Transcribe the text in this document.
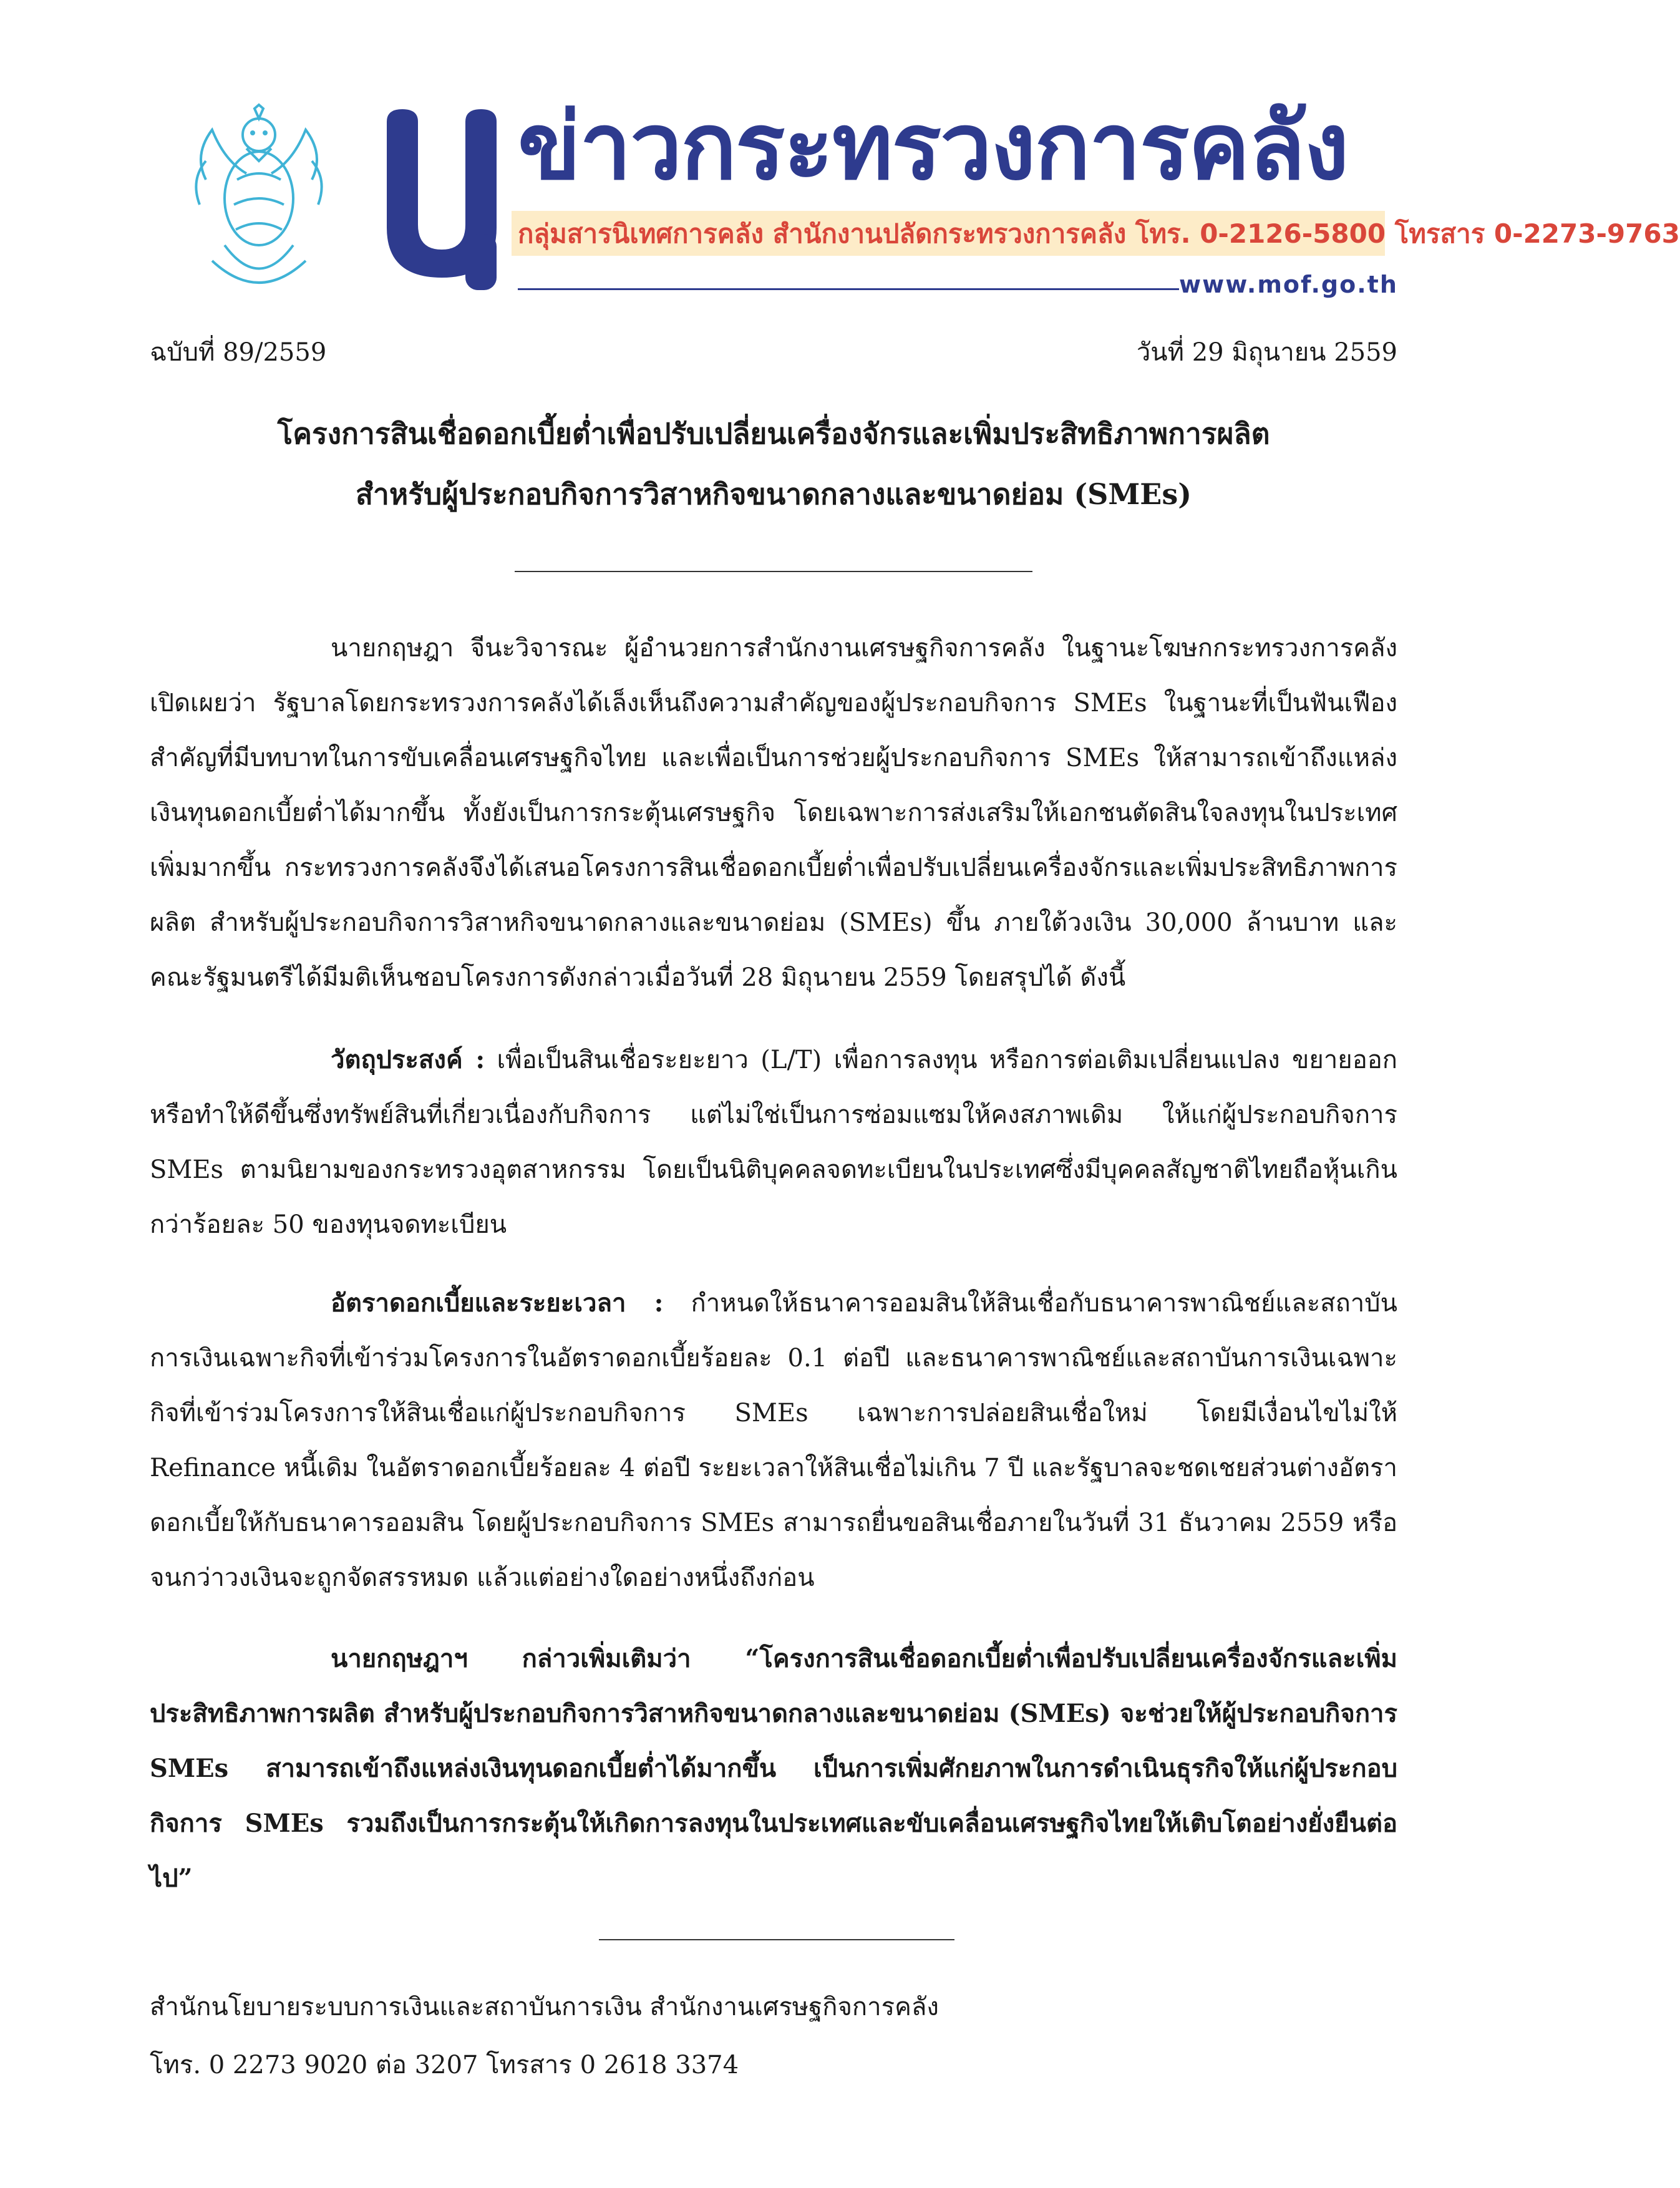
ข่าวกระทรวงการคลัง
กลุ่มสารนิเทศการคลัง สำนักงานปลัดกระทรวงการคลัง โทร. 0-2126-5800 โทรสาร 0-2273-9763
www.mof.go.th
ฉบับที่ 89/2559	วันที่ 29 มิถุนายน 2559
โครงการสินเชื่อดอกเบี้ยต่ำเพื่อปรับเปลี่ยนเครื่องจักรและเพิ่มประสิทธิภาพการผลิต
สำหรับผู้ประกอบกิจการวิสาหกิจขนาดกลางและขนาดย่อม (SMEs)

นายกฤษฎา จีนะวิจารณะ ผู้อำนวยการสำนักงานเศรษฐกิจการคลัง ในฐานะโฆษกกระทรวงการคลัง เปิดเผยว่า รัฐบาลโดยกระทรวงการคลังได้เล็งเห็นถึงความสำคัญของผู้ประกอบกิจการ SMEs ในฐานะที่เป็นฟันเฟืองสำคัญที่มีบทบาทในการขับเคลื่อนเศรษฐกิจไทย และเพื่อเป็นการช่วยผู้ประกอบกิจการ SMEs ให้สามารถเข้าถึงแหล่งเงินทุนดอกเบี้ยต่ำได้มากขึ้น ทั้งยังเป็นการกระตุ้นเศรษฐกิจ โดยเฉพาะการส่งเสริมให้เอกชนตัดสินใจลงทุนในประเทศเพิ่มมากขึ้น กระทรวงการคลังจึงได้เสนอโครงการสินเชื่อดอกเบี้ยต่ำเพื่อปรับเปลี่ยนเครื่องจักรและเพิ่มประสิทธิภาพการผลิต สำหรับผู้ประกอบกิจการวิสาหกิจขนาดกลางและขนาดย่อม (SMEs) ขึ้น ภายใต้วงเงิน 30,000 ล้านบาท และคณะรัฐมนตรีได้มีมติเห็นชอบโครงการดังกล่าวเมื่อวันที่ 28 มิถุนายน 2559 โดยสรุปได้ ดังนี้

วัตถุประสงค์ : เพื่อเป็นสินเชื่อระยะยาว (L/T) เพื่อการลงทุน หรือการต่อเติมเปลี่ยนแปลง ขยายออก หรือทำให้ดีขึ้นซึ่งทรัพย์สินที่เกี่ยวเนื่องกับกิจการ แต่ไม่ใช่เป็นการซ่อมแซมให้คงสภาพเดิม ให้แก่ผู้ประกอบกิจการ SMEs ตามนิยามของกระทรวงอุตสาหกรรม โดยเป็นนิติบุคคลจดทะเบียนในประเทศซึ่งมีบุคคลสัญชาติไทยถือหุ้นเกินกว่าร้อยละ 50 ของทุนจดทะเบียน

อัตราดอกเบี้ยและระยะเวลา : กำหนดให้ธนาคารออมสินให้สินเชื่อกับธนาคารพาณิชย์และสถาบันการเงินเฉพาะกิจที่เข้าร่วมโครงการในอัตราดอกเบี้ยร้อยละ 0.1 ต่อปี และธนาคารพาณิชย์และสถาบันการเงินเฉพาะกิจที่เข้าร่วมโครงการให้สินเชื่อแก่ผู้ประกอบกิจการ SMEs เฉพาะการปล่อยสินเชื่อใหม่ โดยมีเงื่อนไขไม่ให้ Refinance หนี้เดิม ในอัตราดอกเบี้ยร้อยละ 4 ต่อปี ระยะเวลาให้สินเชื่อไม่เกิน 7 ปี และรัฐบาลจะชดเชยส่วนต่างอัตราดอกเบี้ยให้กับธนาคารออมสิน โดยผู้ประกอบกิจการ SMEs สามารถยื่นขอสินเชื่อภายในวันที่ 31 ธันวาคม 2559 หรือจนกว่าวงเงินจะถูกจัดสรรหมด แล้วแต่อย่างใดอย่างหนึ่งถึงก่อน

นายกฤษฎาฯ กล่าวเพิ่มเติมว่า “โครงการสินเชื่อดอกเบี้ยต่ำเพื่อปรับเปลี่ยนเครื่องจักรและเพิ่มประสิทธิภาพการผลิต สำหรับผู้ประกอบกิจการวิสาหกิจขนาดกลางและขนาดย่อม (SMEs) จะช่วยให้ผู้ประกอบกิจการ SMEs สามารถเข้าถึงแหล่งเงินทุนดอกเบี้ยต่ำได้มากขึ้น เป็นการเพิ่มศักยภาพในการดำเนินธุรกิจให้แก่ผู้ประกอบกิจการ SMEs รวมถึงเป็นการกระตุ้นให้เกิดการลงทุนในประเทศและขับเคลื่อนเศรษฐกิจไทยให้เติบโตอย่างยั่งยืนต่อไป”

สำนักนโยบายระบบการเงินและสถาบันการเงิน สำนักงานเศรษฐกิจการคลัง
โทร. 0 2273 9020 ต่อ 3207 โทรสาร 0 2618 3374
